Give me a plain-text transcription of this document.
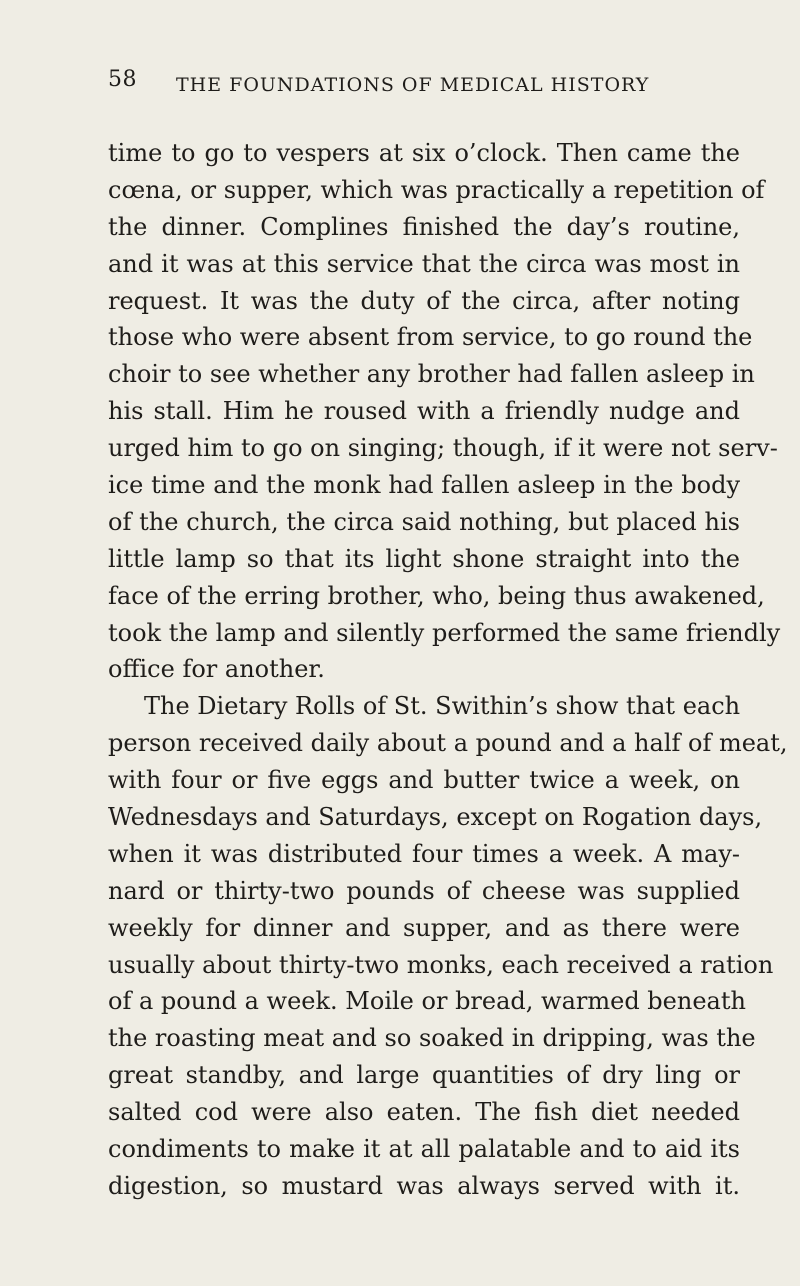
58 THE FOUNDATIONS OF MEDICAL HISTORY
time to go to vespers at six o’clock. Then came the
cœna, or supper, which was practically a repetition of
the dinner. Complines finished the day’s routine,
and it was at this service that the circa was most in
request. It was the duty of the circa, after noting
those who were absent from service, to go round the
choir to see whether any brother had fallen asleep in
his stall. Him he roused with a friendly nudge and
urged him to go on singing; though, if it were not serv-
ice time and the monk had fallen asleep in the body
of the church, the circa said nothing, but placed his
little lamp so that its light shone straight into the
face of the erring brother, who, being thus awakened,
took the lamp and silently performed the same friendly
office for another.
The Dietary Rolls of St. Swithin’s show that each
person received daily about a pound and a half of meat,
with four or five eggs and butter twice a week, on
Wednesdays and Saturdays, except on Rogation days,
when it was distributed four times a week. A may-
nard or thirty-two pounds of cheese was supplied
weekly for dinner and supper, and as there were
usually about thirty-two monks, each received a ration
of a pound a week. Moile or bread, warmed beneath
the roasting meat and so soaked in dripping, was the
great standby, and large quantities of dry ling or
salted cod were also eaten. The fish diet needed
condiments to make it at all palatable and to aid its
digestion, so mustard was always served with it.
